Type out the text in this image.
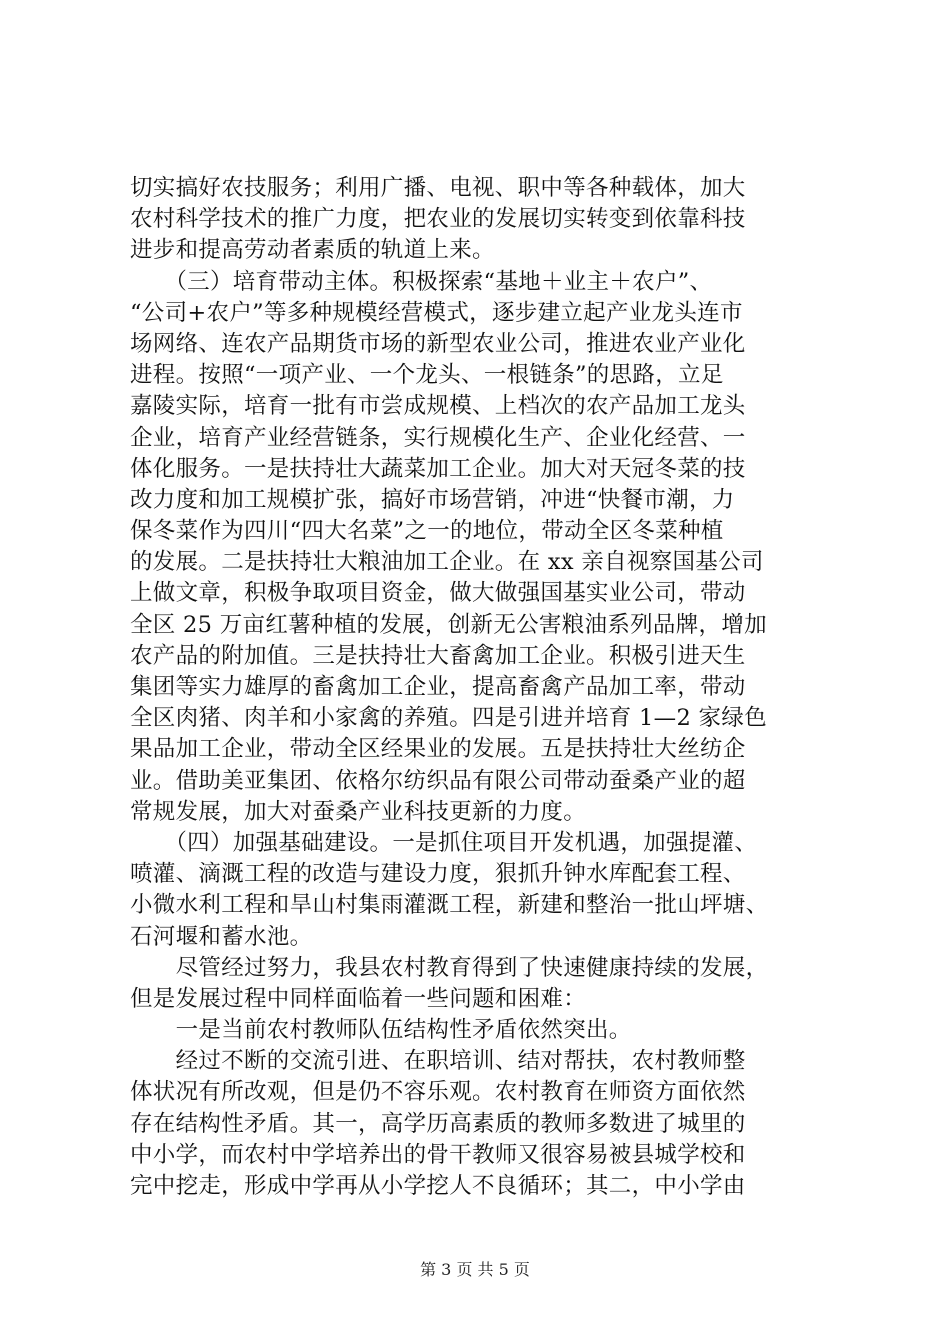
切实搞好农技服务；利用广播、电视、职中等各种载体，加大
农村科学技术的推广力度，把农业的发展切实转变到依靠科技
进步和提高劳动者素质的轨道上来。
　　（三）培育带动主体。积极探索“基地＋业主＋农户”、
“公司+农户”等多种规模经营模式，逐步建立起产业龙头连市
场网络、连农产品期货市场的新型农业公司，推进农业产业化
进程。按照“一项产业、一个龙头、一根链条”的思路，立足
嘉陵实际，培育一批有市尝成规模、上档次的农产品加工龙头
企业，培育产业经营链条，实行规模化生产、企业化经营、一
体化服务。一是扶持壮大蔬菜加工企业。加大对天冠冬菜的技
改力度和加工规模扩张，搞好市场营销，冲进“快餐市潮，力
保冬菜作为四川“四大名菜”之一的地位，带动全区冬菜种植
的发展。二是扶持壮大粮油加工企业。在 xx 亲自视察国基公司
上做文章，积极争取项目资金，做大做强国基实业公司，带动
全区 25 万亩红薯种植的发展，创新无公害粮油系列品牌，增加
农产品的附加值。三是扶持壮大畜禽加工企业。积极引进天生
集团等实力雄厚的畜禽加工企业，提高畜禽产品加工率，带动
全区肉猪、肉羊和小家禽的养殖。四是引进并培育 1—2 家绿色
果品加工企业，带动全区经果业的发展。五是扶持壮大丝纺企
业。借助美亚集团、依格尔纺织品有限公司带动蚕桑产业的超
常规发展，加大对蚕桑产业科技更新的力度。
　　（四）加强基础建设。一是抓住项目开发机遇，加强提灌、
喷灌、滴溉工程的改造与建设力度，狠抓升钟水库配套工程、
小微水利工程和旱山村集雨灌溉工程，新建和整治一批山坪塘、
石河堰和蓄水池。
　　尽管经过努力，我县农村教育得到了快速健康持续的发展，
但是发展过程中同样面临着一些问题和困难：
　　一是当前农村教师队伍结构性矛盾依然突出。
　　经过不断的交流引进、在职培训、结对帮扶，农村教师整
体状况有所改观，但是仍不容乐观。农村教育在师资方面依然
存在结构性矛盾。其一，高学历高素质的教师多数进了城里的
中小学，而农村中学培养出的骨干教师又很容易被县城学校和
完中挖走，形成中学再从小学挖人不良循环；其二，中小学由
第 3 页 共 5 页
